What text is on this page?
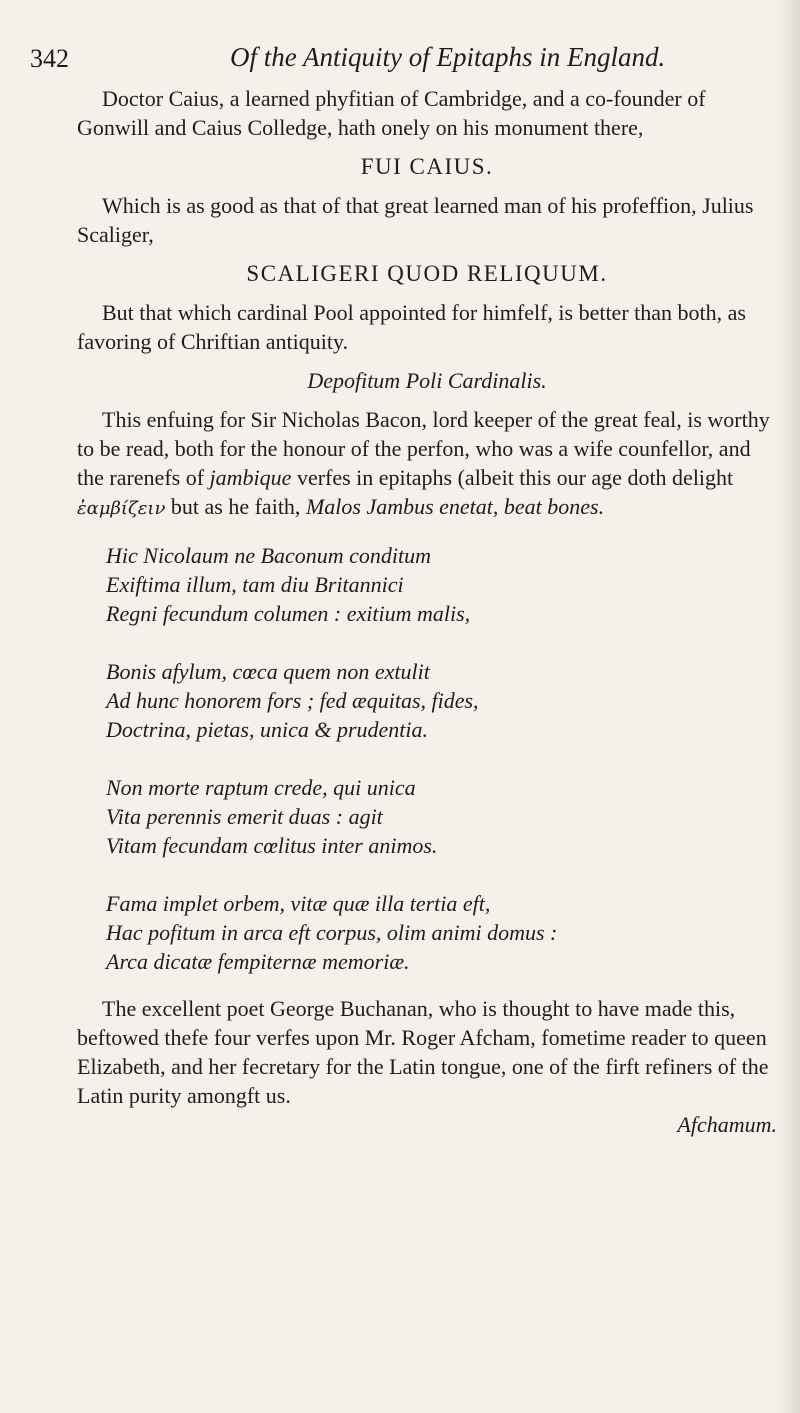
342	Of the Antiquity of Epitaphs in England.

Doctor Caius, a learned phyfitian of Cambridge, and a co-founder of Gonwill and Caius Colledge, hath onely on his monument there,

FUI CAIUS.

Which is as good as that of that great learned man of his profeffion, Julius Scaliger,

SCALIGERI QUOD RELIQUUM.

But that which cardinal Pool appointed for himfelf, is better than both, as favoring of Chriftian antiquity.

Depofitum Poli Cardinalis.

This enfuing for Sir Nicholas Bacon, lord keeper of the great feal, is worthy to be read, both for the honour of the perfon, who was a wife counfellor, and the rarenefs of jambique verfes in epitaphs (albeit this our age doth delight ἐαμβίζειν but as he faith, Malos Jambus enetat, beat bones.

Hic Nicolaum ne Baconum conditum
Exiftima illum, tam diu Britannici
Regni fecundum columen : exitium malis,
Bonis afylum, cœca quem non extulit
Ad hunc honorem fors ; fed æquitas, fides,
Doctrina, pietas, unica & prudentia.
Non morte raptum crede, qui unica
Vita perennis emerit duas : agit
Vitam fecundam cœlitus inter animos.
Fama implet orbem, vitæ quæ illa tertia eft,
Hac pofitum in arca eft corpus, olim animi domus :
Arca dicatæ fempiternæ memoriæ.

The excellent poet George Buchanan, who is thought to have made this, beftowed thefe four verfes upon Mr. Roger Afcham, fometime reader to queen Elizabeth, and her fecretary for the Latin tongue, one of the firft refiners of the Latin purity amongft us.

Afchamum.
